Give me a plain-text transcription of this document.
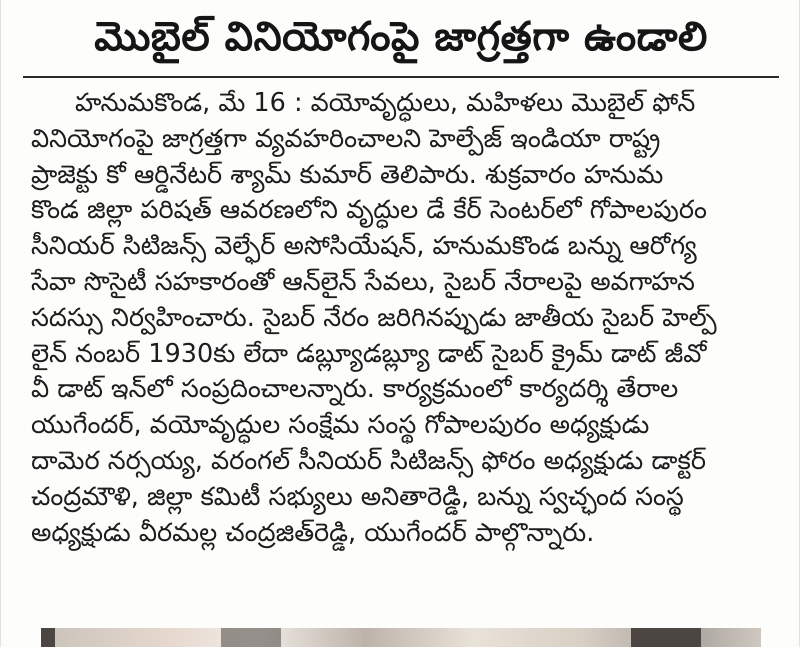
మొబైల్ వినియోగంపై జాగ్రత్తగా ఉండాలి
హనుమకొండ, మే 16 : వయోవృద్ధులు, మహిళలు మొబైల్ ఫోన్
వినియోగంపై జాగ్రత్తగా వ్యవహరించాలని హెల్పేజ్ ఇండియా రాష్ట్ర
ప్రాజెక్టు కో ఆర్డినేటర్ శ్యామ్ కుమార్ తెలిపారు. శుక్రవారం హనుమ
కొండ జిల్లా పరిషత్ ఆవరణలోని వృద్ధుల డే కేర్ సెంటర్‌లో గోపాలపురం
సీనియర్ సిటిజన్స్ వెల్ఫేర్ అసోసియేషన్, హనుమకొండ బన్ను ఆరోగ్య
సేవా సొసైటీ సహకారంతో ఆన్‌లైన్ సేవలు, సైబర్ నేరాలపై అవగాహన
సదస్సు నిర్వహించారు. సైబర్ నేరం జరిగినప్పుడు జాతీయ సైబర్ హెల్ప్
లైన్ నంబర్ 1930కు లేదా డబ్ల్యూడబ్ల్యూ డాట్ సైబర్ క్రైమ్ డాట్ జీవో
వీ డాట్ ఇన్‌లో సంప్రదించాలన్నారు. కార్యక్రమంలో కార్యదర్శి తేరాల
యుగేందర్, వయోవృద్ధుల సంక్షేమ సంస్థ గోపాలపురం అధ్యక్షుడు
దామెర నర్సయ్య, వరంగల్ సీనియర్ సిటిజన్స్ ఫోరం అధ్యక్షుడు డాక్టర్
చంద్రమౌళి, జిల్లా కమిటీ సభ్యులు అనితారెడ్డి, బన్ను స్వచ్ఛంద సంస్థ
అధ్యక్షుడు వీరమల్ల చంద్రజిత్‌రెడ్డి, యుగేందర్ పాల్గొన్నారు.
